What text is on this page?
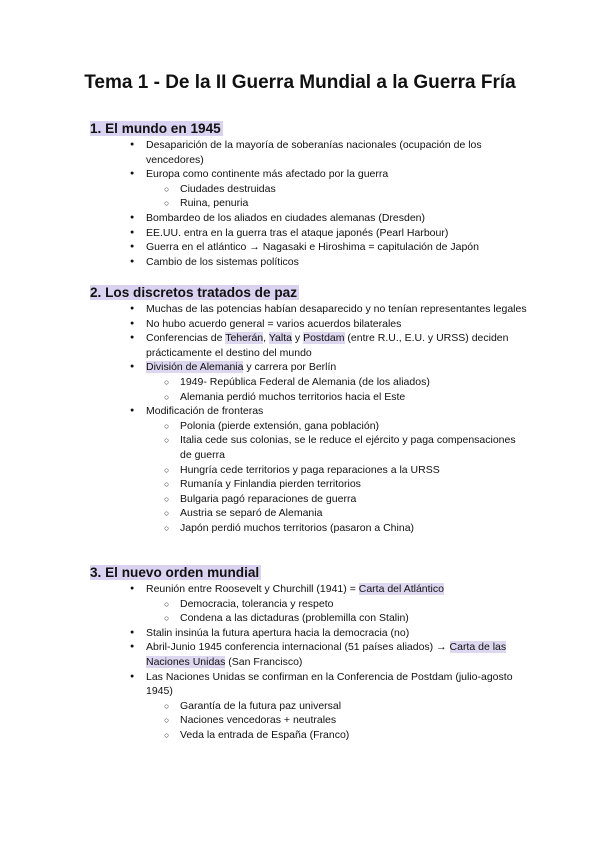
Tema 1 - De la II Guerra Mundial a la Guerra Fría
1. El mundo en 1945
● Desaparición de la mayoría de soberanías nacionales (ocupación de los vencedores)
● Europa como continente más afectado por la guerra
○ Ciudades destruidas
○ Ruina, penuria
● Bombardeo de los aliados en ciudades alemanas (Dresden)
● EE.UU. entra en la guerra tras el ataque japonés (Pearl Harbour)
● Guerra en el atlántico → Nagasaki e Hiroshima = capitulación de Japón
● Cambio de los sistemas políticos
2. Los discretos tratados de paz
● Muchas de las potencias habían desaparecido y no tenían representantes legales
● No hubo acuerdo general = varios acuerdos bilaterales
● Conferencias de Teherán, Yalta y Postdam (entre R.U., E.U. y URSS) deciden prácticamente el destino del mundo
● División de Alemania y carrera por Berlín
○ 1949- República Federal de Alemania (de los aliados)
○ Alemania perdió muchos territorios hacia el Este
● Modificación de fronteras
○ Polonia (pierde extensión, gana población)
○ Italia cede sus colonias, se le reduce el ejército y paga compensaciones de guerra
○ Hungría cede territorios y paga reparaciones a la URSS
○ Rumanía y Finlandia pierden territorios
○ Bulgaria pagó reparaciones de guerra
○ Austria se separó de Alemania
○ Japón perdió muchos territorios (pasaron a China)
3. El nuevo orden mundial
● Reunión entre Roosevelt y Churchill (1941) = Carta del Atlántico
○ Democracia, tolerancia y respeto
○ Condena a las dictaduras (problemilla con Stalin)
● Stalin insinúa la futura apertura hacia la democracia (no)
● Abril-Junio 1945 conferencia internacional (51 países aliados) → Carta de las Naciones Unidas (San Francisco)
● Las Naciones Unidas se confirman en la Conferencia de Postdam (julio-agosto 1945)
○ Garantía de la futura paz universal
○ Naciones vencedoras + neutrales
○ Veda la entrada de España (Franco)
